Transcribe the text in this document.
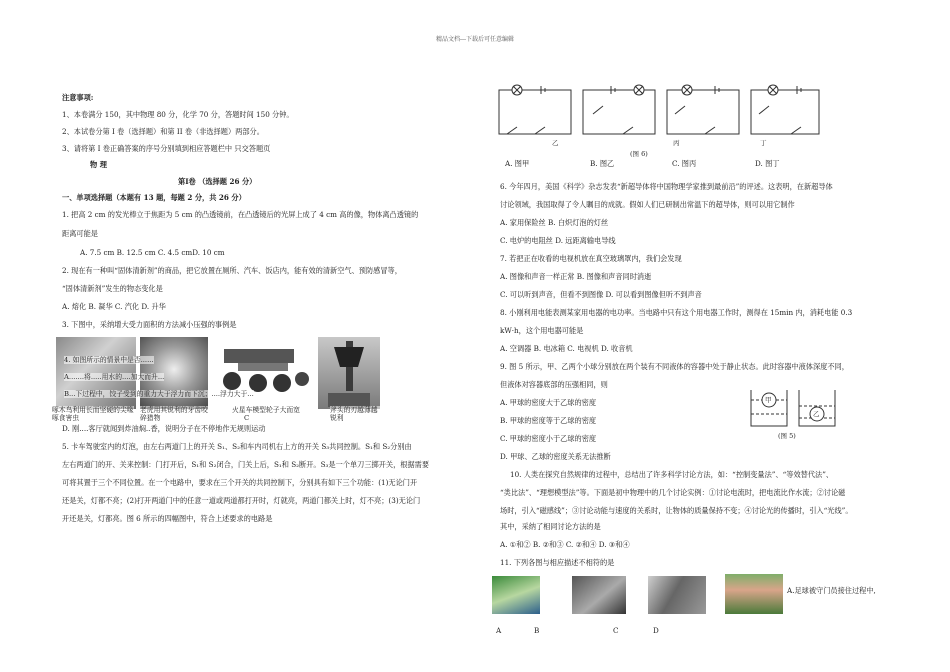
精品文档---下载后可任意编辑
注意事项:
1、本卷满分 150，其中物理 80 分，化学 70 分，答题时间 150 分钟。
2、本试卷分第 I 卷（选择题）和第 II 卷（非选择题）两部分。
3、请将第 I 卷正确答案的序号分别填到相应答题栏中 只交答题页
物 理
第Ⅰ卷 （选择题 26 分）
一、单项选择题（本题有 13 题，每题 2 分，共 26 分）
1. 把高 2 cm 的发光棒立于焦距为 5 cm 的凸透镜前，在凸透镜后的光屏上成了 4 cm 高的像，物体离凸透镜的
距离可能是
A. 7.5 cm B. 12.5 cm C. 4.5 cmD. 10 cm
2. 现在有一种叫“固体清新剂”的商品，把它放置在厕所、汽车、饭店内，能有效的清新空气、预防感冒等，
“固体清新剂”发生的物态变化是
A. 熔化 B. 凝华 C. 汽化 D. 升华
3. 下图中，采纳增大受力面积的方法减小压强的事例是
4. 如图所示的情景中是否......
A.......将.....用水的....加大而升...
B...下过程中，饺子受到的重力大于浮力而下沉；....浮力大于...
啄木鸟利用长而坚硬的尖喙啄食害虫
老虎用其锐利的牙齿咬碎猎物
火星车模型轮子大而宽	斧头的刃越薄越锐利
C
D. 刚....客厅就闻到炸油焖..香，说明分子在不停地作无规则运动
5. 卡车驾驶室内的灯泡，由左右两道门上的开关 S₁、S₂和车内司机右上方的开关 S₃共同控制。S₁和 S₂分别由
左右两道门的开、关来控制：门打开后，S₁和 S₂闭合，门关上后，S₁和 S₂断开。S₃是一个单刀三掷开关，根据需要
可将其置于三个不同位置。在一个电路中，要求在三个开关的共同控制下，分别具有如下三个功能：(1)无论门开
还是关，灯都不亮；(2)打开两道门中的任意一道或两道都打开时，灯就亮，两道门都关上时，灯不亮；(3)无论门
开还是关，灯都亮。图 6 所示的四幅图中，符合上述要求的电路是
乙
(图 6)
丙	丁
A. 图甲	B. 图乙	C. 图丙	D. 图丁
6. 今年四月，美国《科学》杂志发表“新超导体将中国物理学家推到最前沿”的评述。这表明，在新超导体
讨论领域，我国取得了令人瞩目的成就。假如人们已研制出常温下的超导体，则可以用它制作
A. 家用保险丝 B. 白炽灯泡的灯丝
C. 电炉的电阻丝 D. 远距离输电导线
7. 若把正在收看的电视机放在真空玻璃罩内，我们会发现
A. 图像和声音一样正常 B. 图像和声音同时消逝
C. 可以听到声音，但看不到图像 D. 可以看到图像但听不到声音
8. 小刚利用电能表测某家用电器的电功率。当电路中只有这个用电器工作时，测得在 15min 内，消耗电能 0.3
kW·h，这个用电器可能是
A. 空调器 B. 电冰箱 C. 电视机 D. 收音机
9. 图 5 所示，甲、乙两个小球分别放在两个装有不同液体的容器中处于静止状态。此时容器中液体深度不同，
但液体对容器底部的压强相同，则
A. 甲球的密度大于乙球的密度
B. 甲球的密度等于乙球的密度
C. 甲球的密度小于乙球的密度
D. 甲球、乙球的密度关系无法推断
甲
乙
(图 5)
10. 人类在探究自然规律的过程中，总结出了许多科学讨论方法，如：“控制变量法”、“等效替代法”、
“类比法”、“理想模型法”等。下面是初中物理中的几个讨论实例：①讨论电流时，把电流比作水流；②讨论磁
场时，引入“磁感线”；③讨论动能与速度的关系时，让物体的质量保持不变；④讨论光的传播时，引入“光线”。
其中，采纳了相同讨论方法的是
A. ①和② B. ②和③ C. ②和④ D. ③和④
11. 下列各图与相应描述不相符的是
A.足球被守门员接住过程中,
A	B	C	D
